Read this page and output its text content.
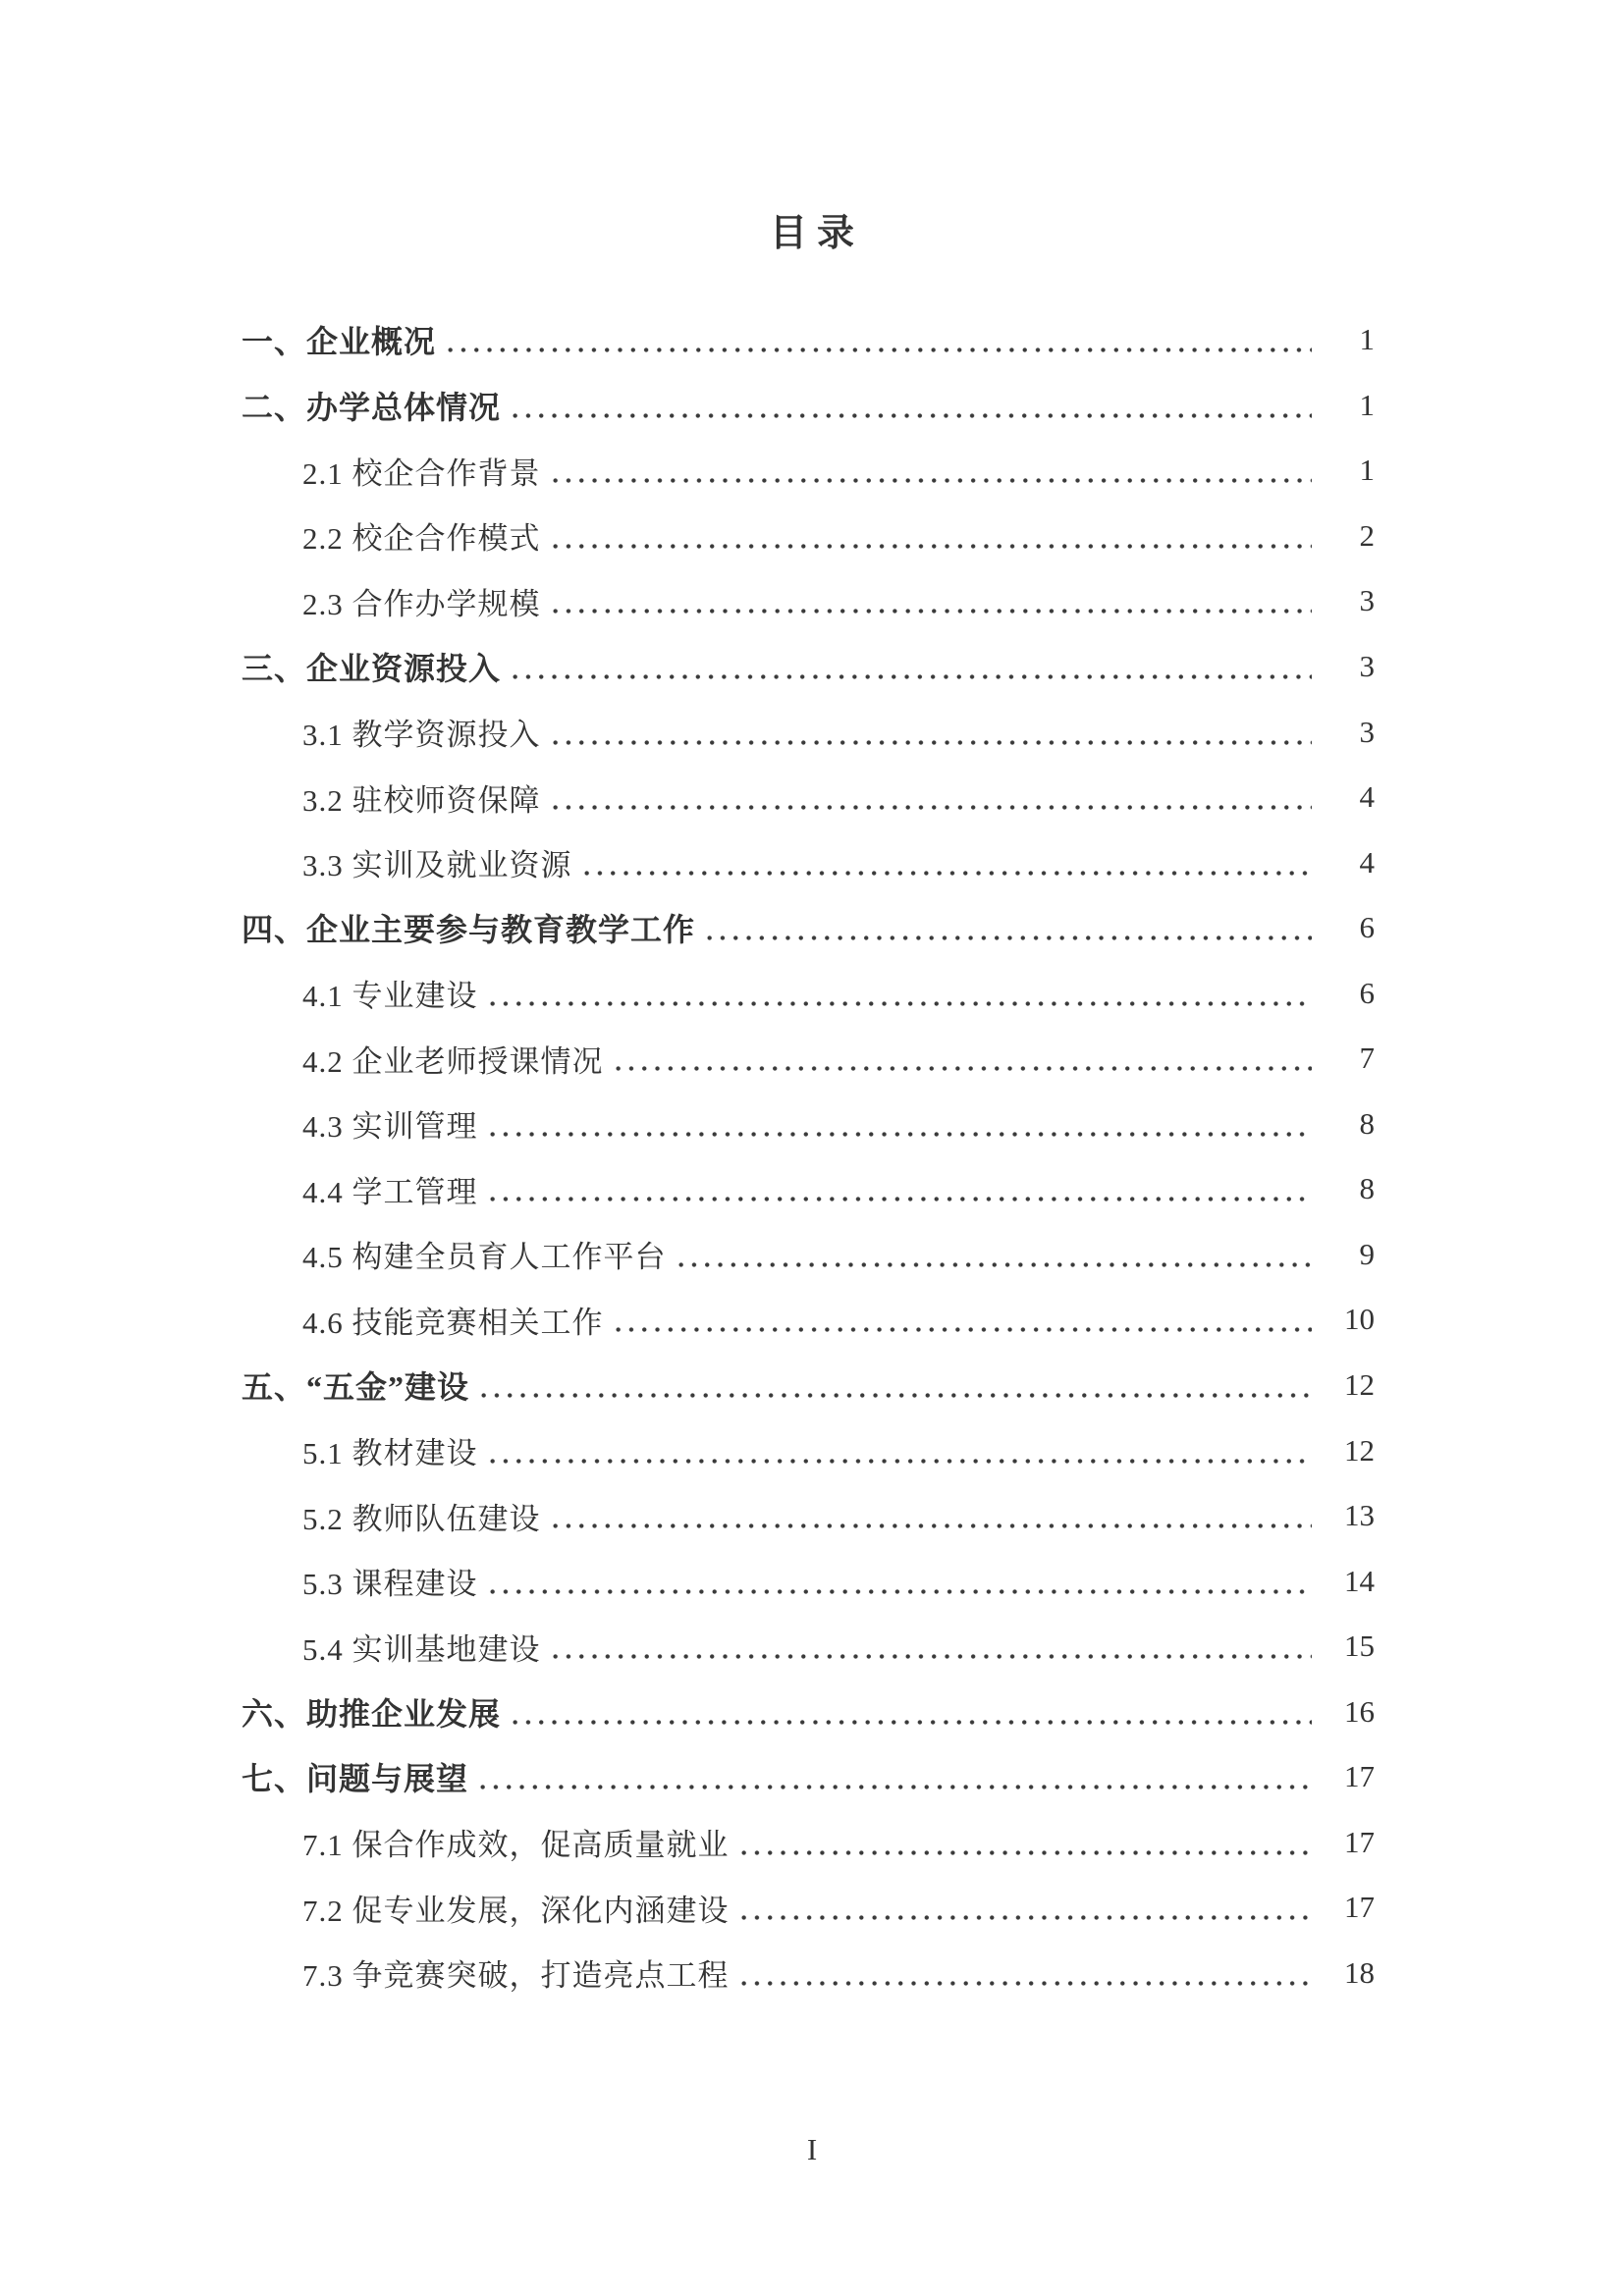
目录
一、企业概况	1
二、办学总体情况	1
2.1 校企合作背景	1
2.2 校企合作模式	2
2.3 合作办学规模	3
三、企业资源投入	3
3.1 教学资源投入	3
3.2 驻校师资保障	4
3.3 实训及就业资源	4
四、企业主要参与教育教学工作	6
4.1 专业建设	6
4.2 企业老师授课情况	7
4.3 实训管理	8
4.4 学工管理	8
4.5 构建全员育人工作平台	9
4.6 技能竞赛相关工作	10
五、“五金”建设	12
5.1 教材建设	12
5.2 教师队伍建设	13
5.3 课程建设	14
5.4 实训基地建设	15
六、助推企业发展	16
七、问题与展望	17
7.1 保合作成效，促高质量就业	17
7.2 促专业发展，深化内涵建设	17
7.3 争竞赛突破，打造亮点工程	18
I
